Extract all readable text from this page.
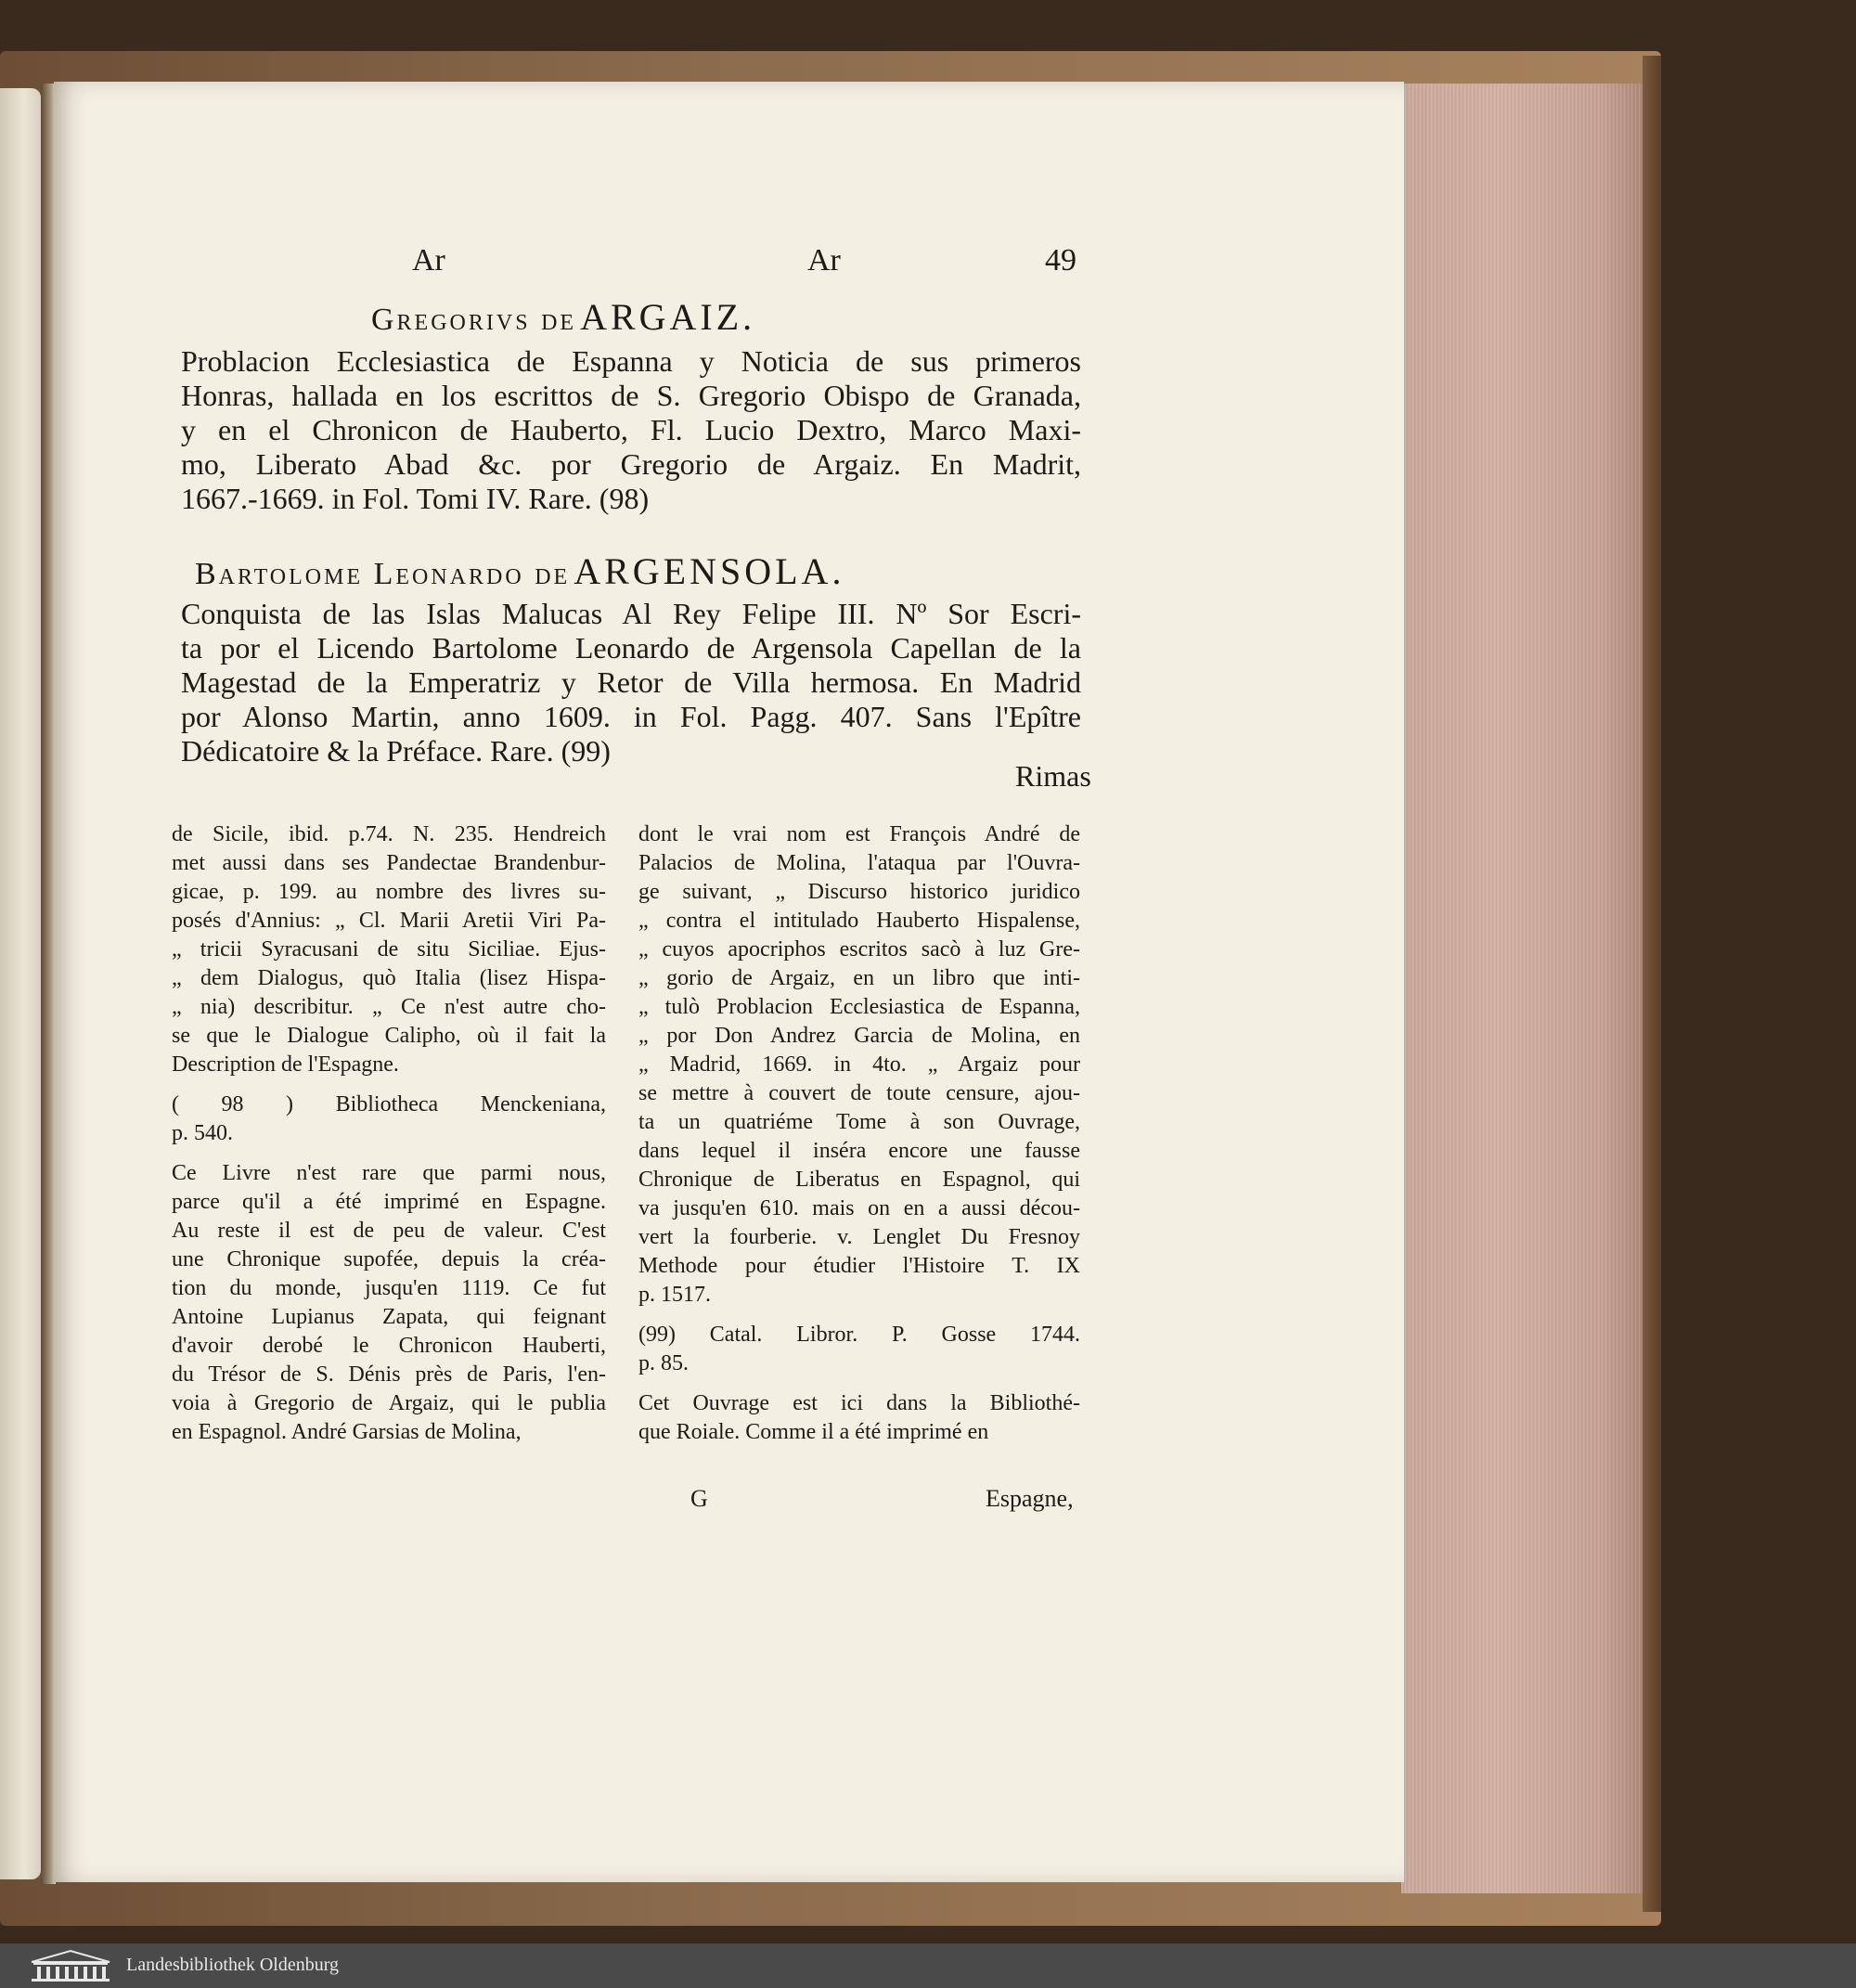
Ar	Ar	49
Gregorivs de ARGAIZ.
Problacion Ecclesiastica de Espanna y Noticia de sus primeros
Honras, hallada en los escrittos de S. Gregorio Obispo de Granada,
y en el Chronicon de Hauberto, Fl. Lucio Dextro, Marco Maxi-
mo, Liberato Abad &c. por Gregorio de Argaiz. En Madrit,
1667.-1669. in Fol. Tomi IV. Rare. (98)
Bartolome Leonardo de ARGENSOLA.
Conquista de las Islas Malucas Al Rey Felipe III. Nº Sor Escri-
ta por el Licendo Bartolome Leonardo de Argensola Capellan de la
Magestad de la Emperatriz y Retor de Villa hermosa. En Madrid
por Alonso Martin, anno 1609. in Fol. Pagg. 407. Sans l'Epître
Dédicatoire & la Préface. Rare. (99)
Rimas
de Sicile, ibid. p.74. N. 235. Hendreich
met aussi dans ses Pandectae Brandenbur-
gicae, p. 199. au nombre des livres su-
posés d'Annius: „ Cl. Marii Aretii Viri Pa-
„ tricii Syracusani de situ Siciliae. Ejus-
„ dem Dialogus, quò Italia (lisez Hispa-
„ nia) describitur. „ Ce n'est autre cho-
se que le Dialogue Calipho, où il fait la
Description de l'Espagne.
( 98 ) Bibliotheca Menckeniana,
p. 540.
Ce Livre n'est rare que parmi nous,
parce qu'il a été imprimé en Espagne.
Au reste il est de peu de valeur. C'est
une Chronique supofée, depuis la créa-
tion du monde, jusqu'en 1119. Ce fut
Antoine Lupianus Zapata, qui feignant
d'avoir derobé le Chronicon Hauberti,
du Trésor de S. Dénis près de Paris, l'en-
voia à Gregorio de Argaiz, qui le publia
en Espagnol. André Garsias de Molina,
dont le vrai nom est François André de
Palacios de Molina, l'ataqua par l'Ouvra-
ge suivant, „ Discurso historico juridico
„ contra el intitulado Hauberto Hispalense,
„ cuyos apocriphos escritos sacò à luz Gre-
„ gorio de Argaiz, en un libro que inti-
„ tulò Problacion Ecclesiastica de Espanna,
„ por Don Andrez Garcia de Molina, en
„ Madrid, 1669. in 4to. „ Argaiz pour
se mettre à couvert de toute censure, ajou-
ta un quatriéme Tome à son Ouvrage,
dans lequel il inséra encore une fausse
Chronique de Liberatus en Espagnol, qui
va jusqu'en 610. mais on en a aussi décou-
vert la fourberie. v. Lenglet Du Fresnoy
Methode pour étudier l'Histoire T. IX
p. 1517.
(99) Catal. Libror. P. Gosse 1744.
p. 85.
Cet Ouvrage est ici dans la Bibliothé-
que Roiale. Comme il a été imprimé en
G	Espagne,
Landesbibliothek Oldenburg
